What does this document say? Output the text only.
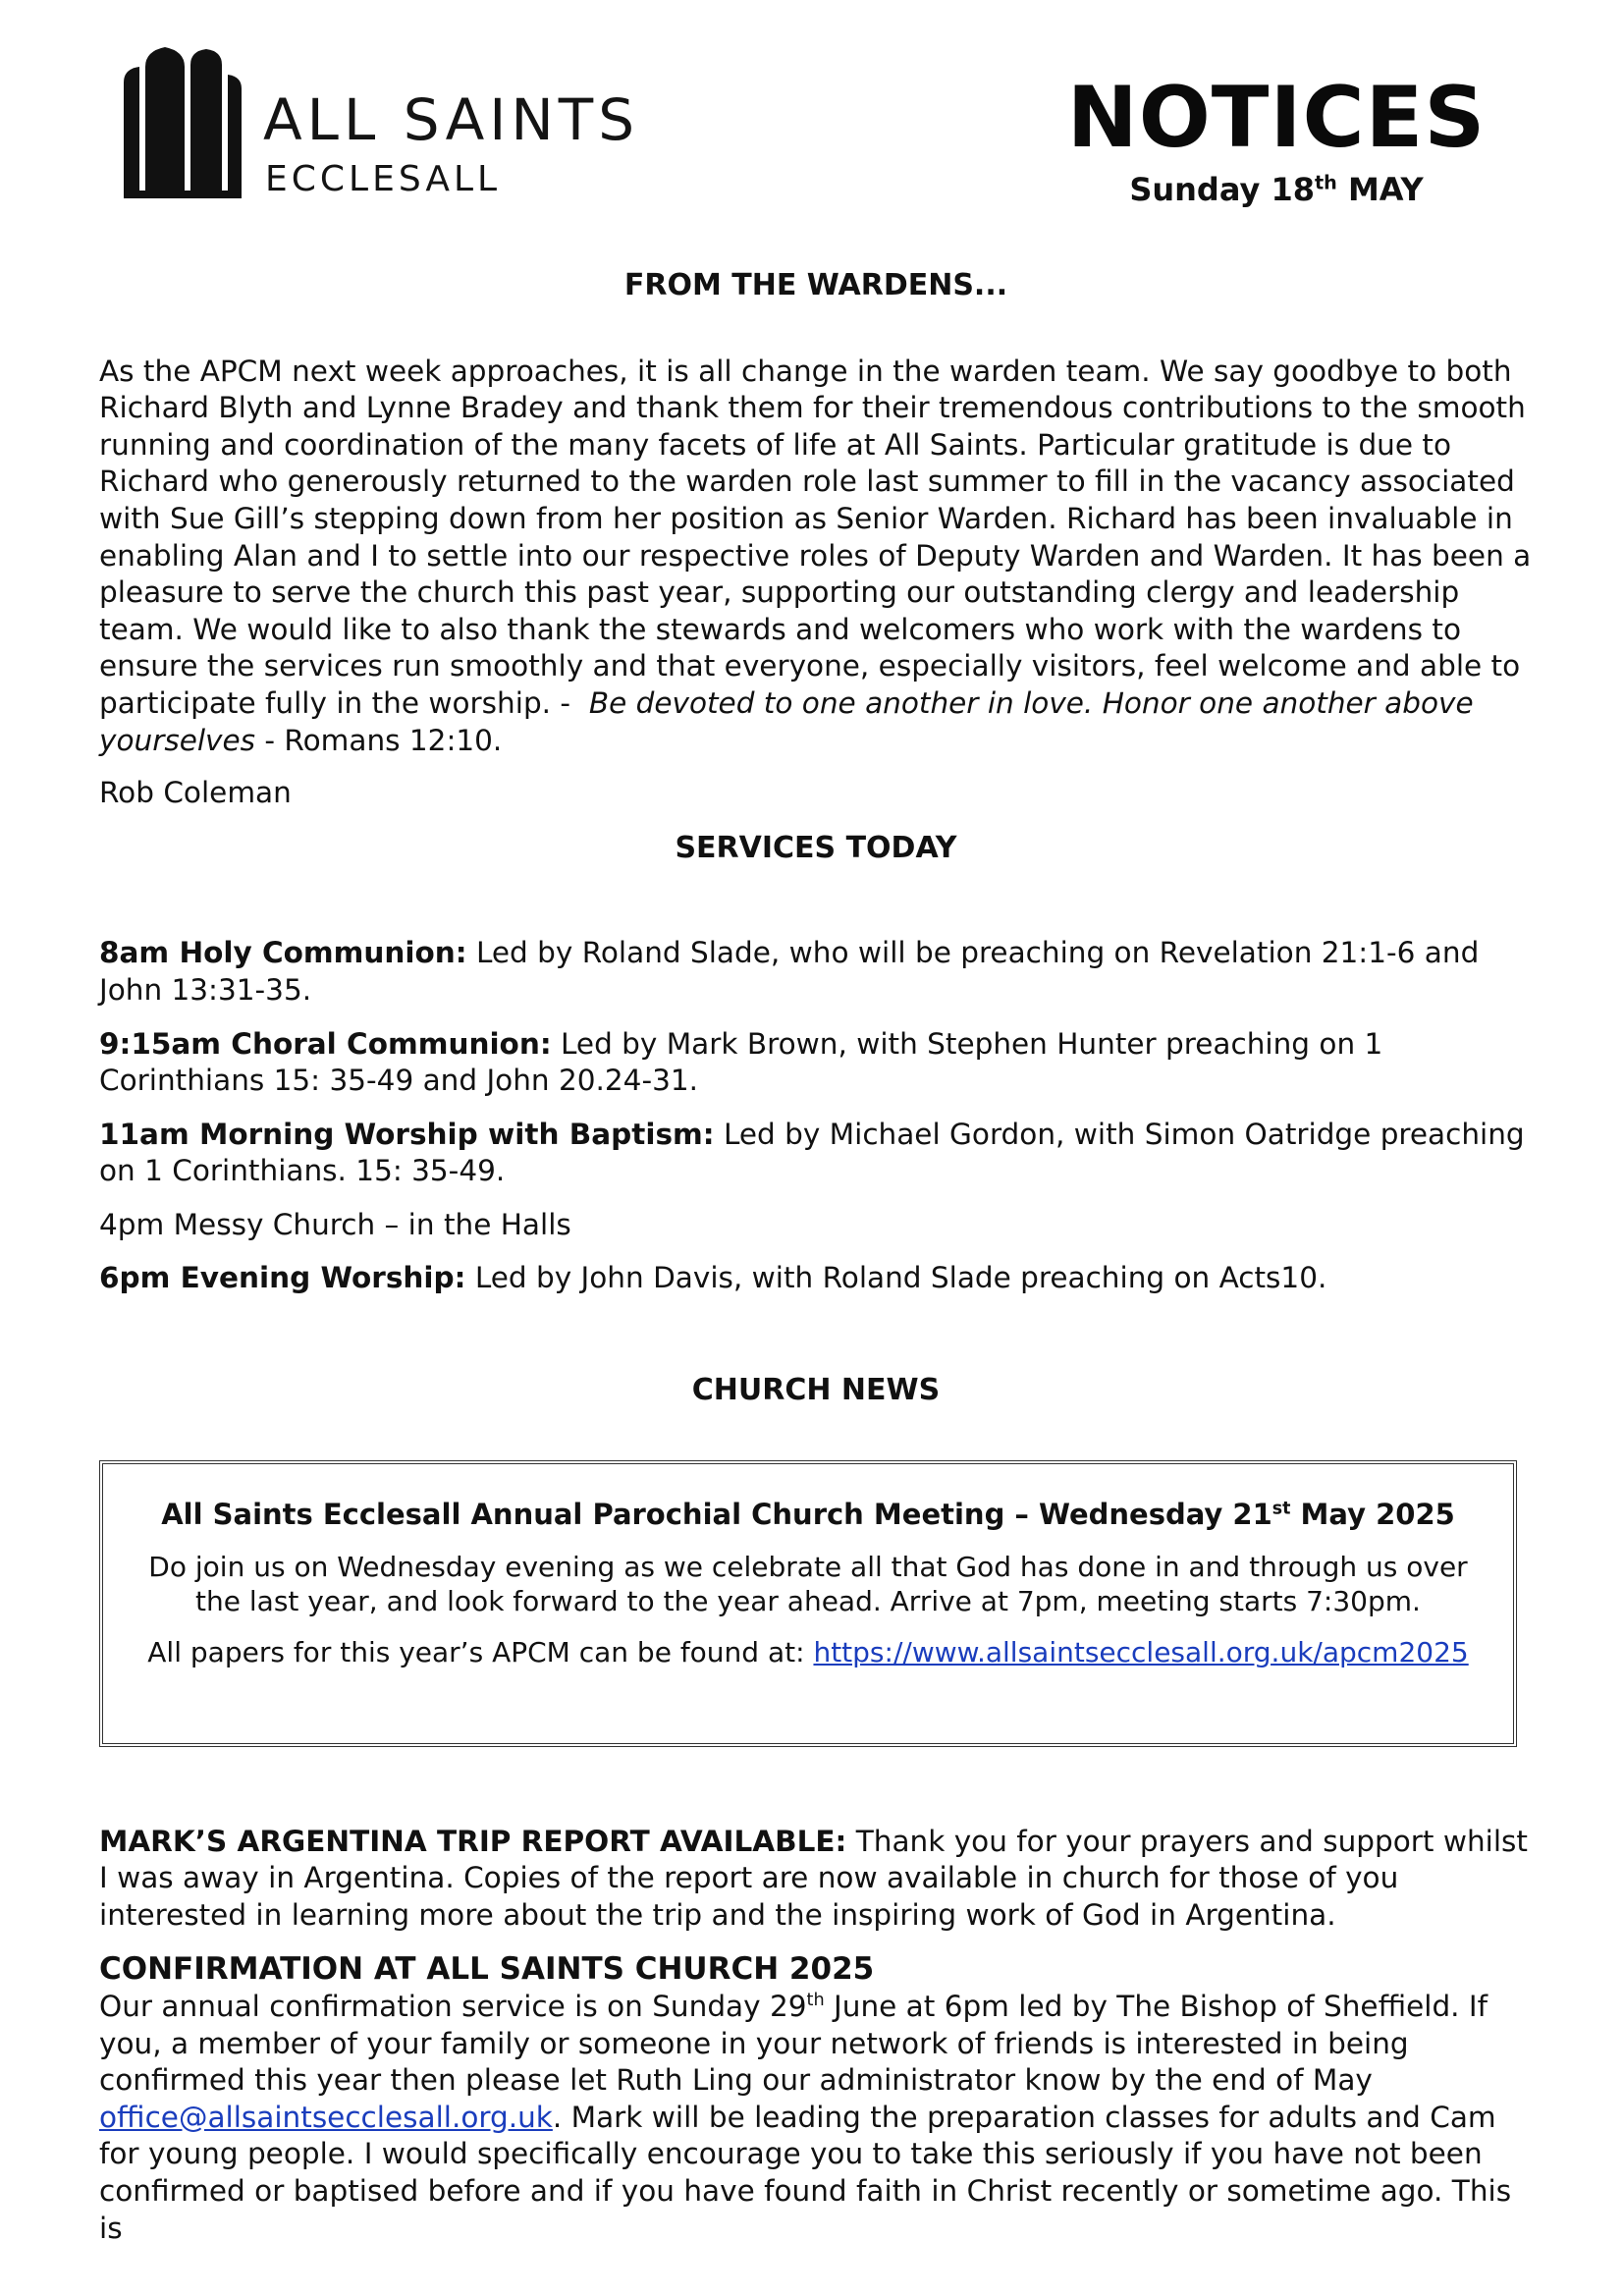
ALL SAINTS
ECCLESALL
NOTICES
Sunday 18th MAY

FROM THE WARDENS...

As the APCM next week approaches, it is all change in the warden team. We say goodbye to both Richard Blyth and Lynne Bradey and thank them for their tremendous contributions to the smooth running and coordination of the many facets of life at All Saints. Particular gratitude is due to Richard who generously returned to the warden role last summer to fill in the vacancy associated with Sue Gill’s stepping down from her position as Senior Warden. Richard has been invaluable in enabling Alan and I to settle into our respective roles of Deputy Warden and Warden. It has been a pleasure to serve the church this past year, supporting our outstanding clergy and leadership team. We would like to also thank the stewards and welcomers who work with the wardens to ensure the services run smoothly and that everyone, especially visitors, feel welcome and able to participate fully in the worship. - Be devoted to one another in love. Honor one another above yourselves - Romans 12:10.

Rob Coleman

SERVICES TODAY

8am Holy Communion: Led by Roland Slade, who will be preaching on Revelation 21:1-6 and John 13:31-35.

9:15am Choral Communion: Led by Mark Brown, with Stephen Hunter preaching on 1 Corinthians 15: 35-49 and John 20.24-31.

11am Morning Worship with Baptism: Led by Michael Gordon, with Simon Oatridge preaching on 1 Corinthians. 15: 35-49.

4pm Messy Church – in the Halls

6pm Evening Worship: Led by John Davis, with Roland Slade preaching on Acts10.

CHURCH NEWS

All Saints Ecclesall Annual Parochial Church Meeting – Wednesday 21st May 2025

Do join us on Wednesday evening as we celebrate all that God has done in and through us over the last year, and look forward to the year ahead. Arrive at 7pm, meeting starts 7:30pm.

All papers for this year’s APCM can be found at: https://www.allsaintsecclesall.org.uk/apcm2025

MARK’S ARGENTINA TRIP REPORT AVAILABLE: Thank you for your prayers and support whilst I was away in Argentina. Copies of the report are now available in church for those of you interested in learning more about the trip and the inspiring work of God in Argentina.

CONFIRMATION AT ALL SAINTS CHURCH 2025

Our annual confirmation service is on Sunday 29th June at 6pm led by The Bishop of Sheffield. If you, a member of your family or someone in your network of friends is interested in being confirmed this year then please let Ruth Ling our administrator know by the end of May office@allsaintsecclesall.org.uk. Mark will be leading the preparation classes for adults and Cam for young people. I would specifically encourage you to take this seriously if you have not been confirmed or baptised before and if you have found faith in Christ recently or sometime ago. This is
